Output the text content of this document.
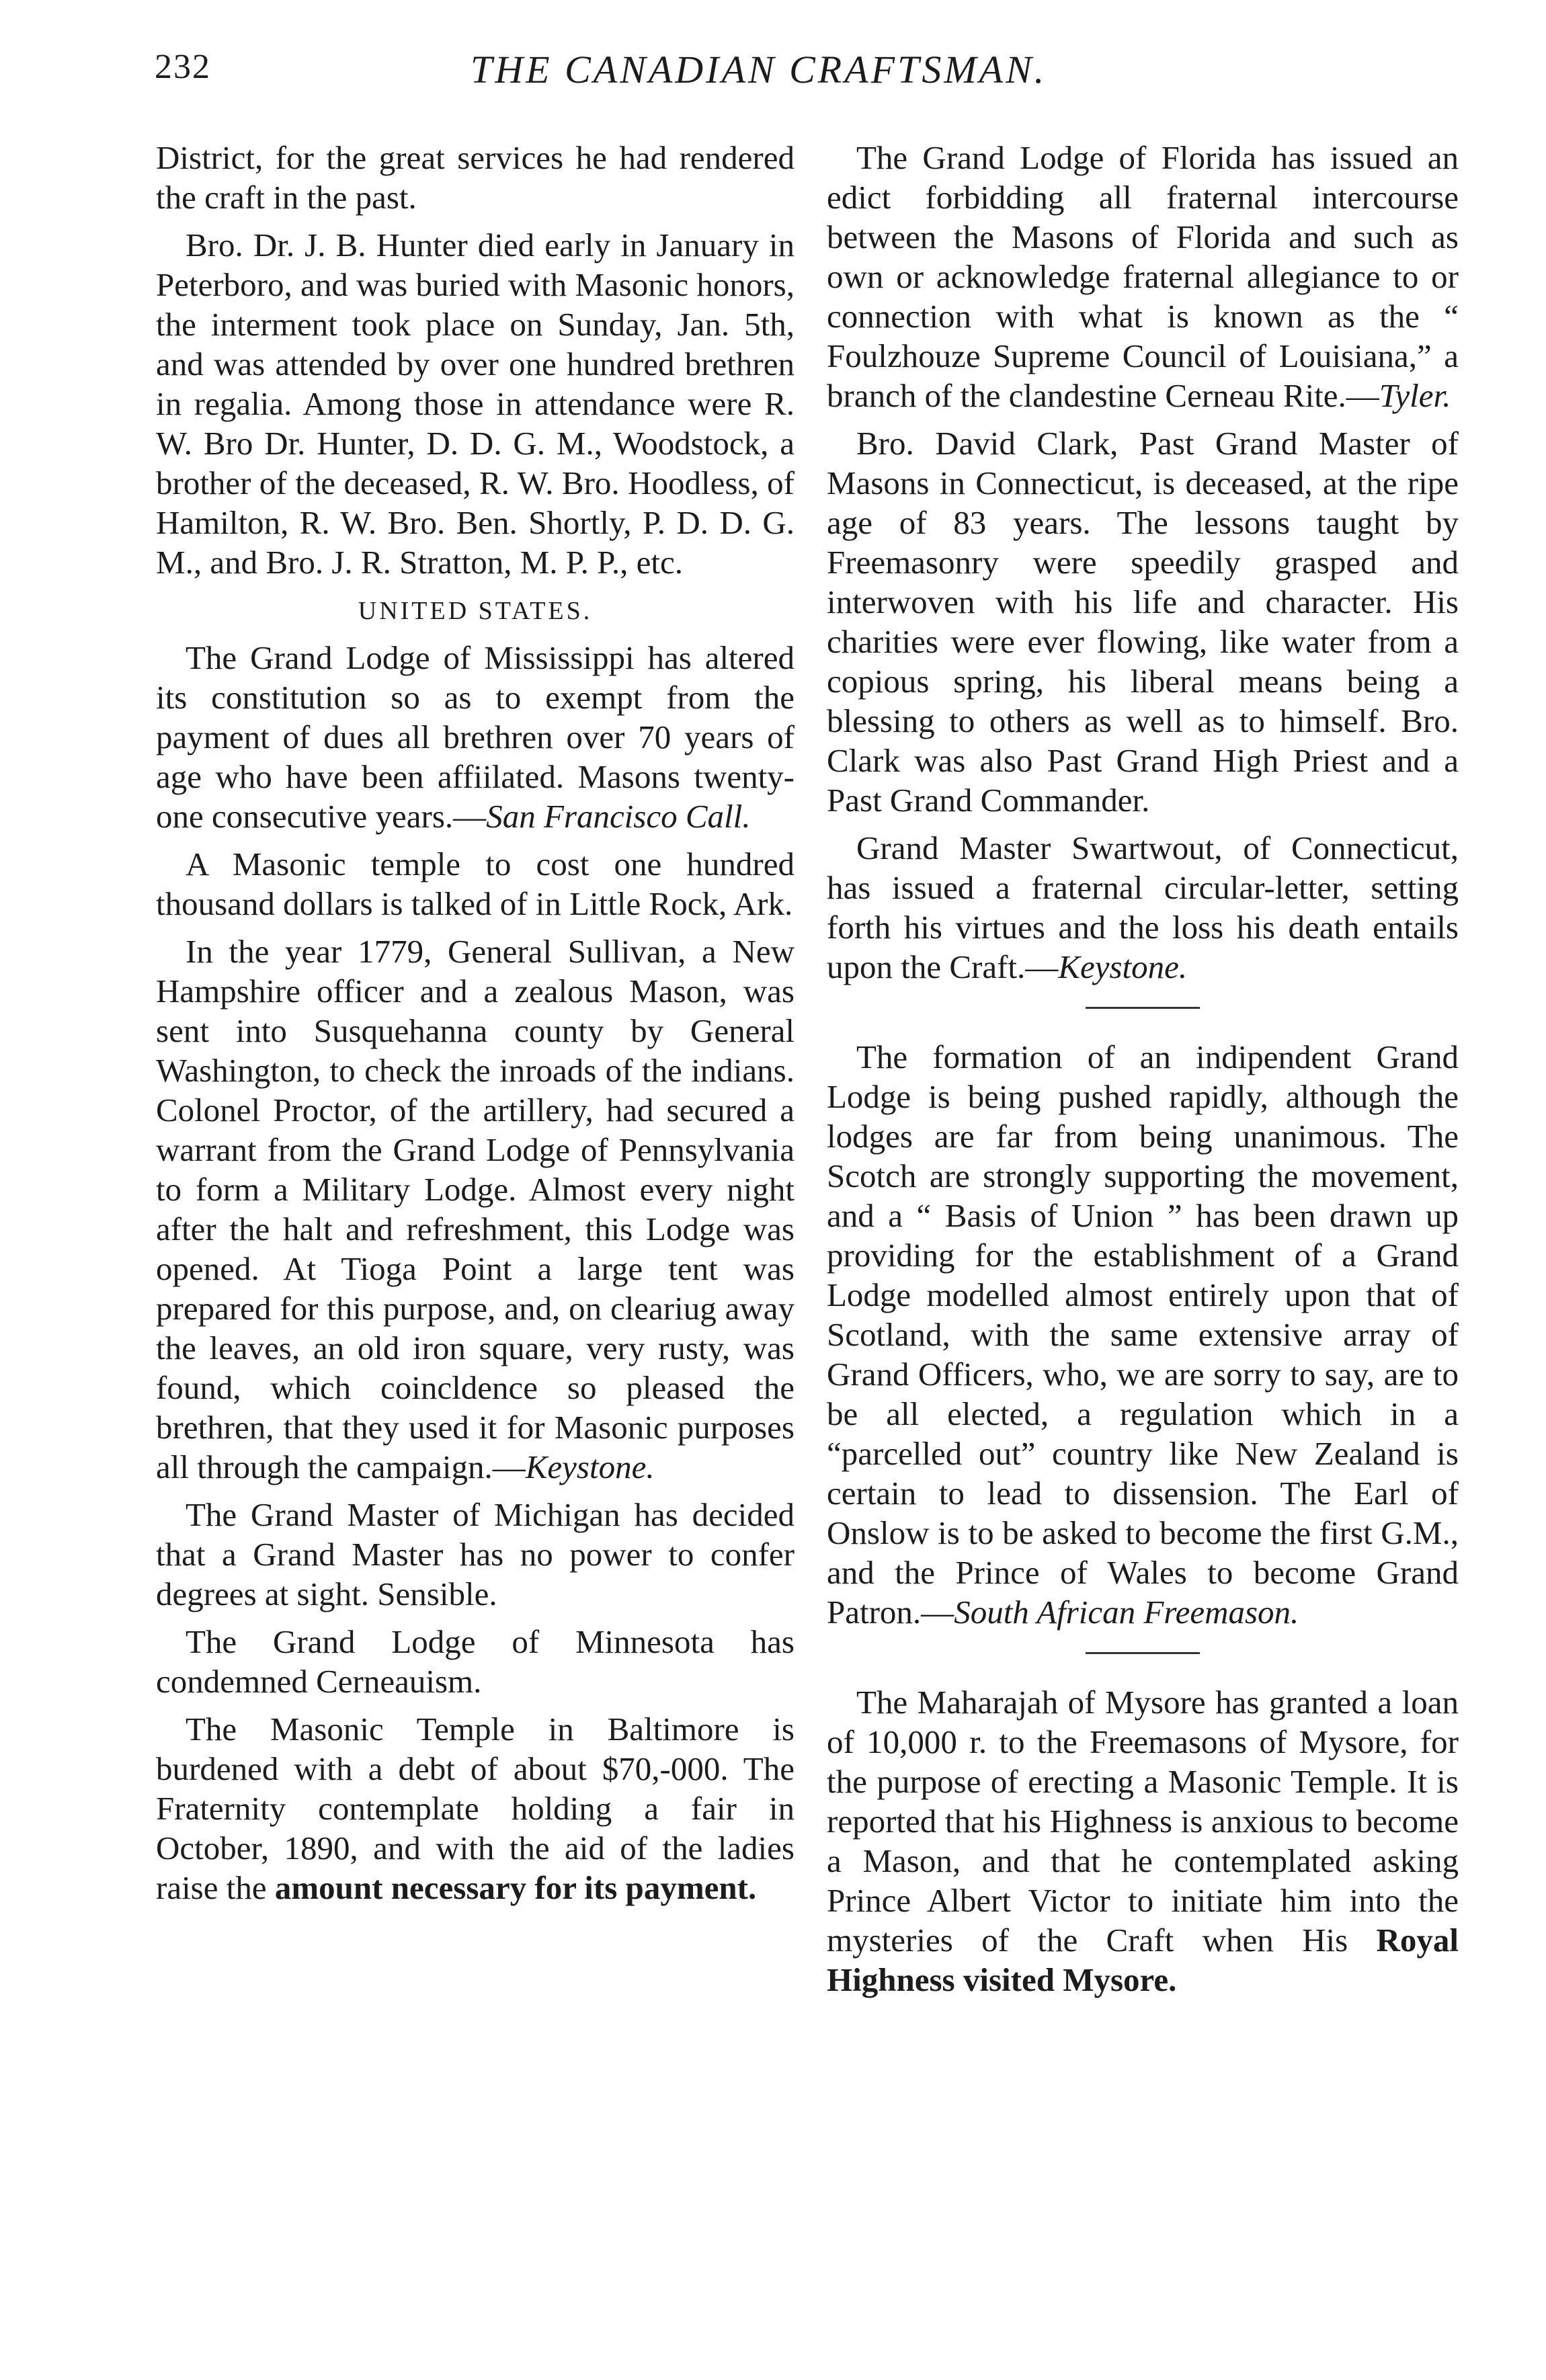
232	THE CANADIAN CRAFTSMAN.

District, for the great services he had rendered the craft in the past.

Bro. Dr. J. B. Hunter died early in January in Peterboro, and was buried with Masonic honors, the interment took place on Sunday, Jan. 5th, and was attended by over one hundred brethren in regalia. Among those in attendance were R. W. Bro Dr. Hunter, D. D. G. M., Woodstock, a brother of the deceased, R. W. Bro. Hoodless, of Hamilton, R. W. Bro. Ben. Shortly, P. D. D. G. M., and Bro. J. R. Stratton, M. P. P., etc.

UNITED STATES.

The Grand Lodge of Mississippi has altered its constitution so as to exempt from the payment of dues all brethren over 70 years of age who have been affiilated. Masons twenty-one consecutive years.—San Francisco Call.

A Masonic temple to cost one hundred thousand dollars is talked of in Little Rock, Ark.

In the year 1779, General Sullivan, a New Hampshire officer and a zealous Mason, was sent into Susquehanna county by General Washington, to check the inroads of the indians. Colonel Proctor, of the artillery, had secured a warrant from the Grand Lodge of Pennsylvania to form a Military Lodge. Almost every night after the halt and refreshment, this Lodge was opened. At Tioga Point a large tent was prepared for this purpose, and, on cleariug away the leaves, an old iron square, very rusty, was found, which coincldence so pleased the brethren, that they used it for Masonic purposes all through the campaign.—Keystone.

The Grand Master of Michigan has decided that a Grand Master has no power to confer degrees at sight. Sensible.

The Grand Lodge of Minnesota has condemned Cerneauism.

The Masonic Temple in Baltimore is burdened with a debt of about $70,-000. The Fraternity contemplate holding a fair in October, 1890, and with the aid of the ladies raise the amount necessary for its payment.

The Grand Lodge of Florida has issued an edict forbidding all fraternal intercourse between the Masons of Florida and such as own or acknowledge fraternal allegiance to or connection with what is known as the “ Foulzhouze Supreme Council of Louisiana,” a branch of the clandestine Cerneau Rite.—Tyler.

Bro. David Clark, Past Grand Master of Masons in Connecticut, is deceased, at the ripe age of 83 years. The lessons taught by Freemasonry were speedily grasped and interwoven with his life and character. His charities were ever flowing, like water from a copious spring, his liberal means being a blessing to others as well as to himself. Bro. Clark was also Past Grand High Priest and a Past Grand Commander.

Grand Master Swartwout, of Connecticut, has issued a fraternal circular-letter, setting forth his virtues and the loss his death entails upon the Craft.—Keystone.

The formation of an indipendent Grand Lodge is being pushed rapidly, although the lodges are far from being unanimous. The Scotch are strongly supporting the movement, and a “ Basis of Union ” has been drawn up providing for the establishment of a Grand Lodge modelled almost entirely upon that of Scotland, with the same extensive array of Grand Officers, who, we are sorry to say, are to be all elected, a regulation which in a “parcelled out” country like New Zealand is certain to lead to dissension. The Earl of Onslow is to be asked to become the first G.M., and the Prince of Wales to become Grand Patron.—South African Freemason.

The Maharajah of Mysore has granted a loan of 10,000 r. to the Freemasons of Mysore, for the purpose of erecting a Masonic Temple. It is reported that his Highness is anxious to become a Mason, and that he contemplated asking Prince Albert Victor to initiate him into the mysteries of the Craft when His Royal Highness visited Mysore.
